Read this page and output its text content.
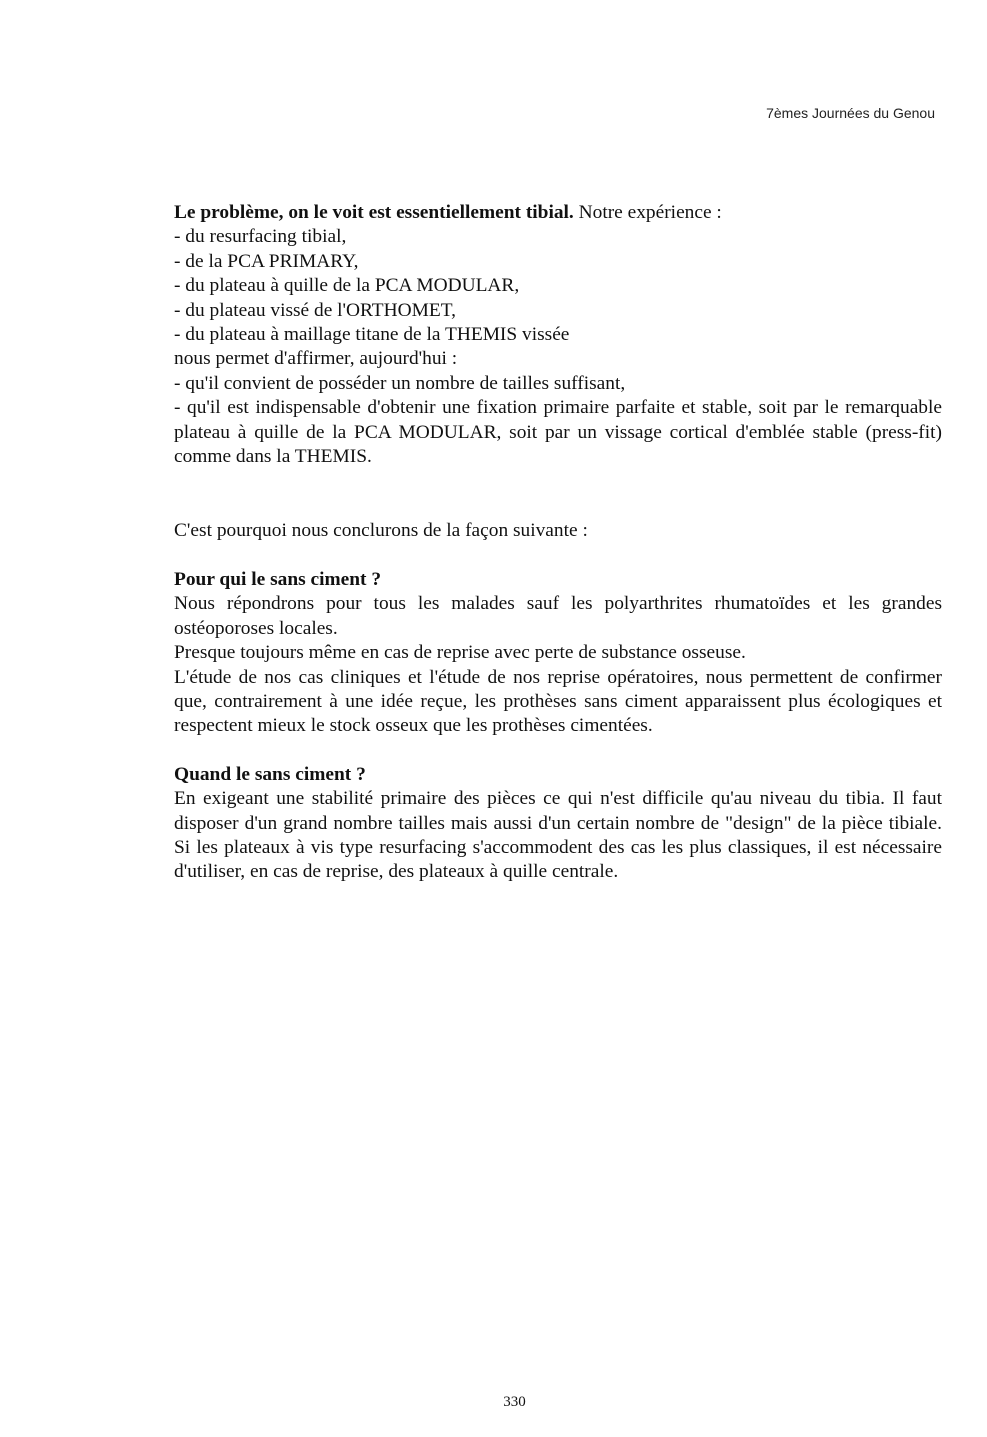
7èmes Journées du Genou

Le problème, on le voit est essentiellement tibial. Notre expérience :

- du resurfacing tibial,

- de la PCA PRIMARY,

- du plateau à quille de la PCA MODULAR,

- du plateau vissé de l'ORTHOMET,

- du plateau à maillage titane de la THEMIS vissée

nous permet d'affirmer, aujourd'hui :

- qu'il convient de posséder un nombre de tailles suffisant,

- qu'il est indispensable d'obtenir une fixation primaire parfaite et stable, soit par le remarquable plateau à quille de la PCA MODULAR, soit par un vissage cortical d'emblée stable (press-fit) comme dans la THEMIS.

C'est pourquoi nous conclurons de la façon suivante :

Pour qui le sans ciment ?

Nous répondrons pour tous les malades sauf les polyarthrites rhumatoïdes et les grandes ostéoporoses locales.

Presque toujours même en cas de reprise avec perte de substance osseuse.

L'étude de nos cas cliniques et l'étude de nos reprise opératoires, nous permettent de confirmer que, contrairement à une idée reçue, les prothèses sans ciment apparaissent plus écologiques et respectent mieux le stock osseux que les prothèses cimentées.

Quand le sans ciment ?

En exigeant une stabilité primaire des pièces ce qui n'est difficile qu'au niveau du tibia. Il faut disposer d'un grand nombre tailles mais aussi d'un certain nombre de "design" de la pièce tibiale. Si les plateaux à vis type resurfacing s'accommodent des cas les plus classiques, il est nécessaire d'utiliser, en cas de reprise, des plateaux à quille centrale.

330
